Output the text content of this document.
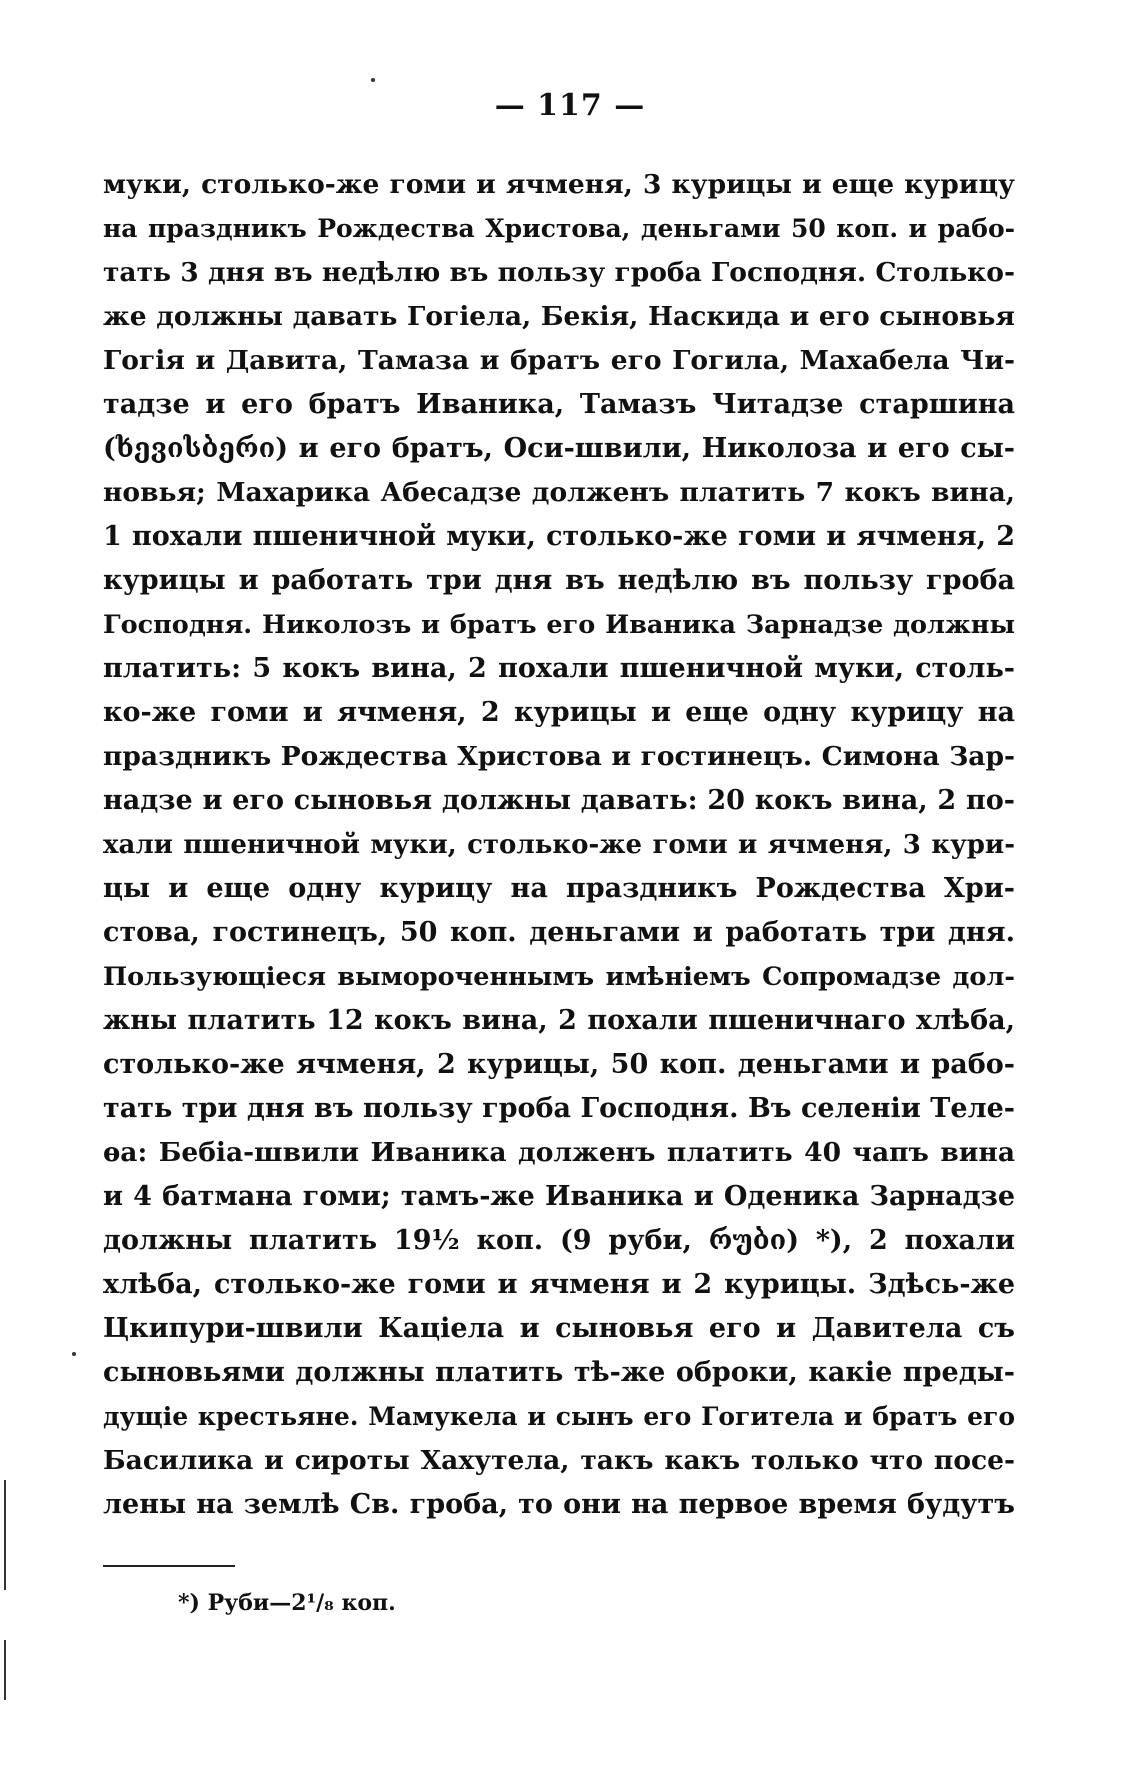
— 117 —
муки, столько-же гоми и ячменя, 3 курицы и еще курицу
на праздникъ Рождества Христова, деньгами 50 коп. и рабо-
тать 3 дня въ недѣлю въ пользу гроба Господня. Столько-
же должны давать Гогiела, Бекiя, Наскида и его сыновья
Гогiя и Давита, Тамаза и братъ его Гогила, Махабела Чи-
тадзе и его братъ Иваника, Тамазъ Читадзе старшина
(ხევისბერი) и его братъ, Оси-швили, Николоза и его сы-
новья; Махарика Абесадзе долженъ платить 7 кокъ вина,
1 похали пшеничной муки, столько-же гоми и ячменя, 2
курицы и работать три дня въ недѣлю въ пользу гроба
Господня. Николозъ и братъ его Иваника Зарнадзе должны
платить: 5 кокъ вина, 2 похали пшеничной муки, столь-
ко-же гоми и ячменя, 2 курицы и еще одну курицу на
праздникъ Рождества Христова и гостинецъ. Симона Зар-
надзе и его сыновья должны давать: 20 кокъ вина, 2 по-
хали пшеничной муки, столько-же гоми и ячменя, 3 кури-
цы и еще одну курицу на праздникъ Рождества Хри-
стова, гостинецъ, 50 коп. деньгами и работать три дня.
Пользующiеся вымороченнымъ имѣнiемъ Сопромадзе дол-
жны платить 12 кокъ вина, 2 похали пшеничнаго хлѣба,
столько-же ячменя, 2 курицы, 50 коп. деньгами и рабо-
тать три дня въ пользу гроба Господня. Въ селенiи Теле-
ѳа: Бебiа-швили Иваника долженъ платить 40 чапъ вина
и 4 батмана гоми; тамъ-же Иваника и Оденика Зарнадзе
должны платить 19½ коп. (9 руби, რუბი) *), 2 похали
хлѣба, столько-же гоми и ячменя и 2 курицы. Здѣсь-же
Цкипури-швили Кацiела и сыновья его и Давитела съ
сыновьями должны платить тѣ-же оброки, какiе преды-
дущiе крестьяне. Мамукела и сынъ его Гогитела и братъ его
Басилика и сироты Хахутела, такъ какъ только что посе-
лены на землѣ Св. гроба, то они на первое время будутъ
*) Руби—2¹/₈ коп.
